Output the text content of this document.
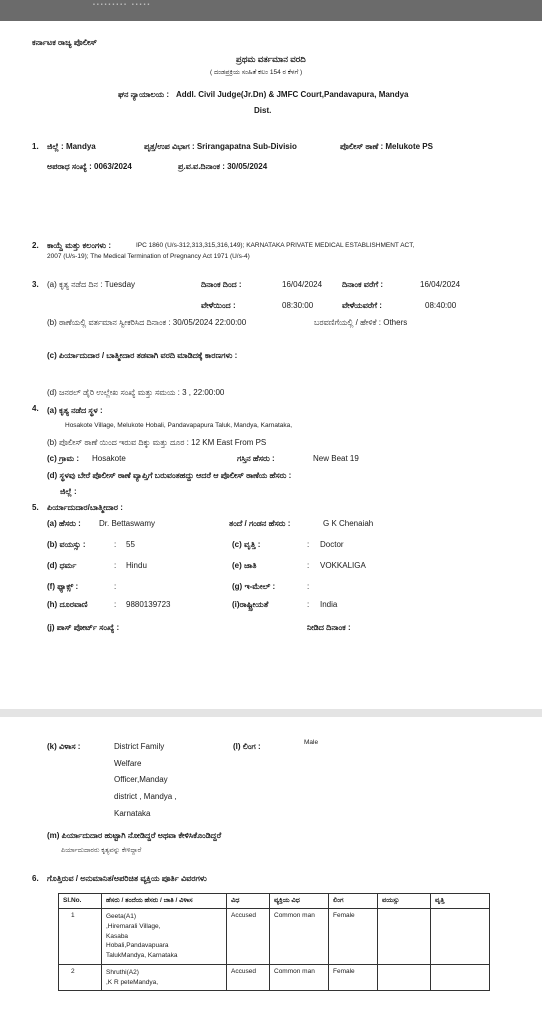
......... .....
ಕರ್ನಾಟಕ ರಾಜ್ಯ ಪೊಲೀಸ್
ಪ್ರಥಮ ವರ್ತಮಾನ ವರದಿ
( ದಂಡಪ್ರಕ್ರಿಯ ಸಂಹಿತೆ ಕಲಂ 154 ರ ಕೆಳಗೆ )
ಘನ ನ್ಯಾಯಾಲಯ : Addl. Civil Judge(Jr.Dn) & JMFC Court,Pandavapura, Mandya
Dist.
1. ಜಿಲ್ಲೆ : Mandya	ಪೃತ್ತ/ಉಪ ವಿಭಾಗ : Srirangapatna Sub-Divisio	ಪೊಲೀಸ್ ಠಾಣೆ : Melukote PS
ಅಪರಾಧ ಸಂಖ್ಯೆ : 0063/2024	ಪ್ರ.ವ.ವ.ದಿನಾಂಕ : 30/05/2024
2. ಕಾಯ್ದೆ ಮತ್ತು ಕಲಂಗಳು :	IPC 1860 (U/s-312,313,315,316,149); KARNATAKA PRIVATE MEDICAL ESTABLISHMENT ACT,
2007 (U/s-19); The Medical Termination of Pregnancy Act 1971 (U/s-4)
3. (a) ಕೃತ್ಯ ನಡೆದ ದಿನ : Tuesday	ದಿನಾಂಕ ದಿಂದ :	16/04/2024 ದಿನಾಂಕ ವರೆಗೆ :	16/04/2024
ವೇಳೆಯಿಂದ :	08:30:00	ವೇಳೆಯವರೆಗೆ :	08:40:00
(b) ಠಾಣೆಯಲ್ಲಿ ವರ್ತಮಾನ ಸ್ವೀಕರಿಸಿದ ದಿನಾಂಕ : 30/05/2024 22:00:00	ಬರವಣಿಗೆಯಲ್ಲಿ / ಹೇಳಿಕೆ : Others
(c) ಪಿರ್ಯಾದುದಾರ / ಬಾತ್ಮೀದಾರ ತಡವಾಗಿ ವರದಿ ಮಾಡಿದಕ್ಕೆ ಕಾರಣಗಳು :
(d) ಜನರಲ್ ಡೈರಿ ಉಲ್ಲೇಖ ಸಂಖ್ಯೆ ಮತ್ತು ಸಮಯ : 3 , 22:00:00
4. (a) ಕೃತ್ಯ ನಡೆದ ಸ್ಥಳ :
Hosakote Village, Melukote Hobali, Pandavapapura Taluk, Mandya, Karnataka,
(b) ಪೊಲೀಸ್ ಠಾಣೆ ಯಿಂದ ಇರುವ ದಿಕ್ಕು ಮತ್ತು ದೂರ : 12 KM East From PS
(c) ಗ್ರಾಮ : Hosakote	ಗಸ್ತಿನ ಹೆಸರು :	New Beat 19
(d) ಸ್ಥಳವು ಬೇರೆ ಪೊಲೀಸ್ ಠಾಣೆ ವ್ಯಾಪ್ತಿಗೆ ಬರುವಂತಹದ್ದು ಆದರೆ ಆ ಪೊಲೀಸ್ ಠಾಣೆಯ ಹೆಸರು :
ಜಿಲ್ಲೆ :
5. ಪಿರ್ಯಾದುದಾರ/ಬಾತ್ಮೀದಾರ :
(a) ಹೆಸರು : Dr. Bettaswamy	ತಂದೆ / ಗಂಡನ ಹೆಸರು :	G K Chenaiah
(b) ವಯಸ್ಸು :	: 55	(c) ವೃತ್ತಿ :	: Doctor
(d) ಧರ್ಮ	: Hindu	(e) ಜಾತಿ	: VOKKALIGA
(f) ಫ್ಯಾಕ್ಸ್ :	:	(g) ಇ-ಮೇಲ್ :	:
(h) ದೂರವಾಣಿ	: 9880139723	(i)ರಾಷ್ಟ್ರೀಯತೆ	: India
(j) ಪಾಸ್ ಪೋರ್ಟ್ ಸಂಖ್ಯೆ :	ನೀಡಿದ ದಿನಾಂಕ :
(k) ವಿಳಾಸ :	District Family
Welfare
Officer,Manday
district , Mandya ,
Karnataka
(l) ಲಿಂಗ :	Male
(m) ಪಿರ್ಯಾದುದಾರ ಹುಟ್ಟಾಗಿ ನೋಡಿದ್ದರೆ ಅಥವಾ ಕೇಳಿಸಿಕೊಂಡಿದ್ದರೆ
ಪಿರ್ಯಾದುದಾರರು ಕೃತ್ಯವನ್ನು ಕೇಳಿದ್ದಾರೆ
6. ಗೊತ್ತಿರುವ / ಅನುಮಾನಿತ/ಅಪರಿಚಿತ ವ್ಯಕ್ತಿಯ ಪೂರ್ತಿ ವಿವರಗಳು
Sl.No.	ಹೆಸರು / ತಂದೆಯ ಹೆಸರು / ಜಾತಿ / ವಿಳಾಸ	ವಿಧ	ವ್ಯಕ್ತಿಯ ವಿಧ	ಲಿಂಗ	ವಯಸ್ಸು	ವೃತ್ತಿ
1	Geeta(A1)
,Hiremarali Village,
Kasaba
Hobali,Pandavapuara
TalukMandya, Karnataka	Accused	Common man	Female		
2	Shruthi(A2)
,K R peteMandya,	Accused	Common man	Female		
